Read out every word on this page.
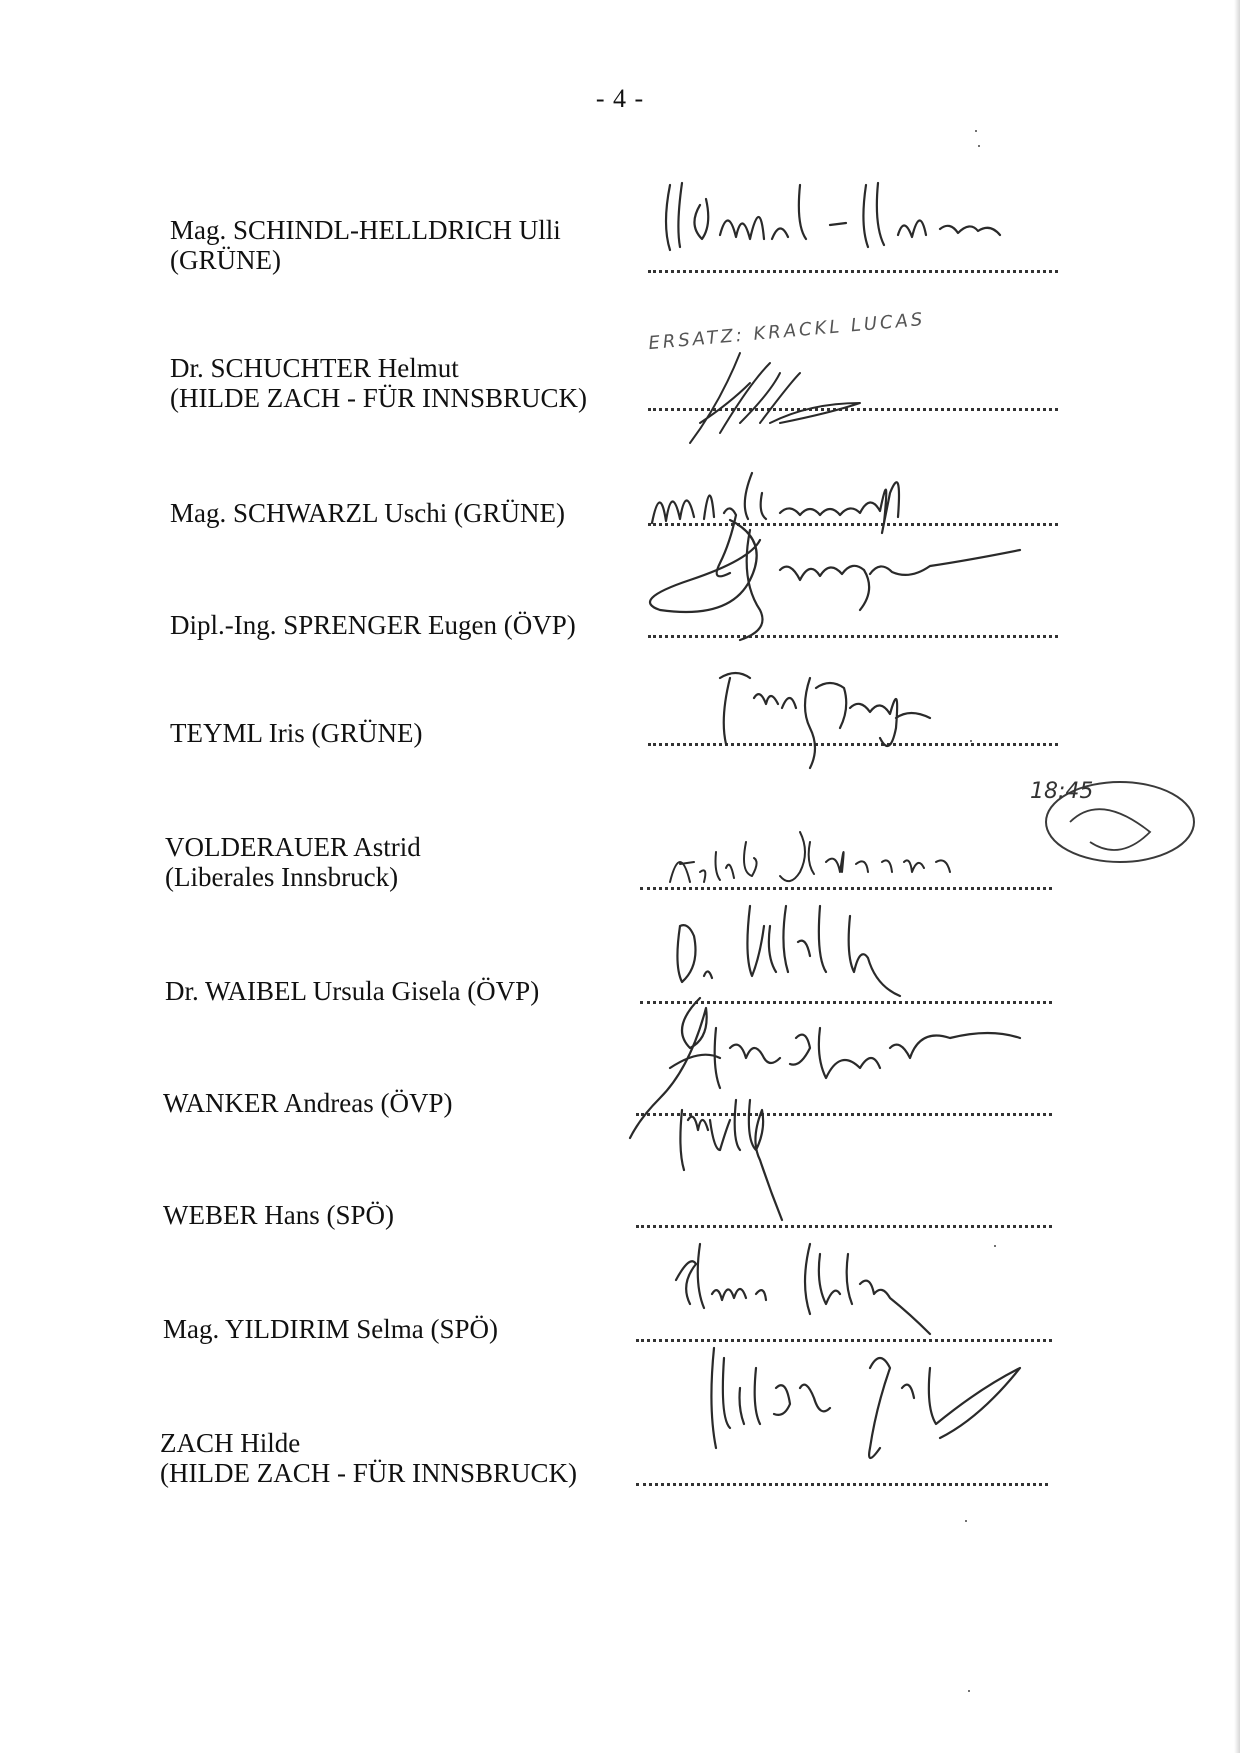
- 4 -
Mag. SCHINDL-HELLDRICH Ulli
(GRÜNE)
Dr. SCHUCHTER Helmut
(HILDE ZACH - FÜR INNSBRUCK)
ERSATZ: KRACKL LUCAS
Mag. SCHWARZL Uschi (GRÜNE)
Dipl.-Ing. SPRENGER Eugen (ÖVP)
TEYML Iris (GRÜNE)
VOLDERAUER Astrid
(Liberales Innsbruck)
18:45
Dr. WAIBEL Ursula Gisela (ÖVP)
WANKER Andreas (ÖVP)
WEBER Hans (SPÖ)
Mag. YILDIRIM Selma (SPÖ)
ZACH Hilde
(HILDE ZACH - FÜR INNSBRUCK)
